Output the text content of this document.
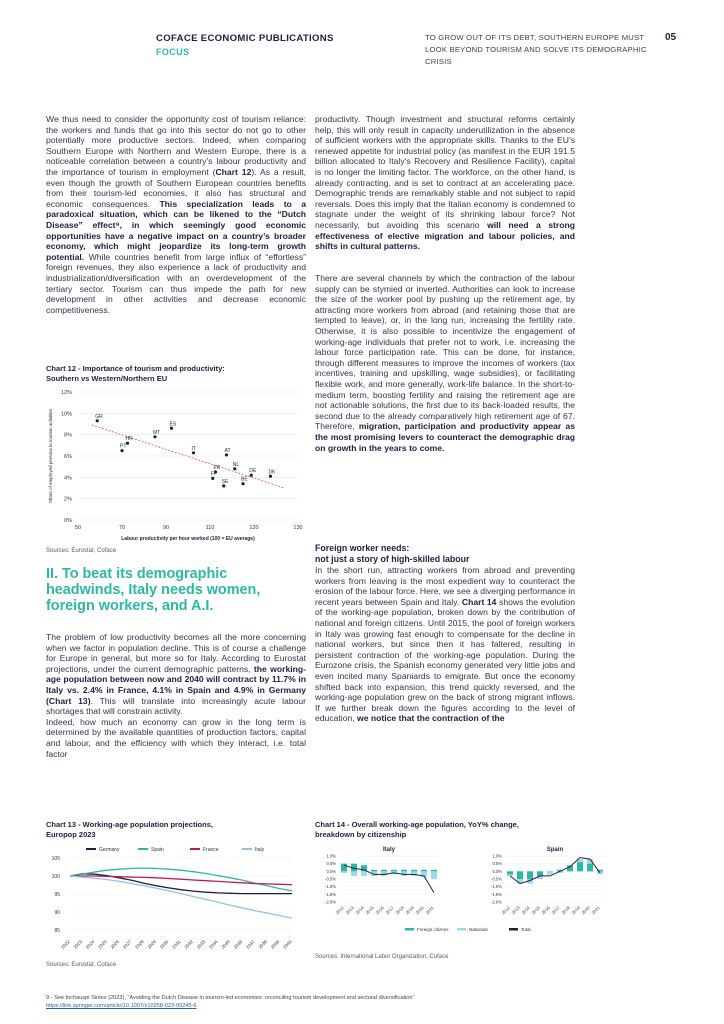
COFACE ECONOMIC PUBLICATIONS
FOCUS
TO GROW OUT OF ITS DEBT, SOUTHERN EUROPE MUST LOOK BEYOND TOURISM AND SOLVE ITS DEMOGRAPHIC CRISIS
05
We thus need to consider the opportunity cost of tourism reliance: the workers and funds that go into this sector do not go to other potentially more productive sectors. Indeed, when comparing Southern Europe with Northern and Western Europe, there is a noticeable correlation between a country’s labour productivity and the importance of tourism in employment (Chart 12). As a result, even though the growth of Southern European countries benefits from their tourism-led economies, it also has structural and economic consequences. This specialization leads to a paradoxical situation, which can be likened to the “Dutch Disease” effect⁹, in which seemingly good economic opportunities have a negative impact on a country’s broader economy, which might jeopardize its long-term growth potential. While countries benefit from large influx of “effortless” foreign revenues, they also experience a lack of productivity and industrialization/diversification with an overdevelopment of the tertiary sector. Tourism can thus impede the path for new development in other activities and decrease economic competitiveness.
Chart 12 - Importance of tourism and productivity:
Southern vs Western/Northern EU
0%
2%
4%
6%
8%
10%
12%
50	70	90	110	120	130
GR
ES
MT
HR
PT	IT	AT
NL
DE DK
FR
FI
SE	BE
Labour productivity per hour worked (100 = EU average)
Share of employed persons in tourism activities
Sources: Eurostat, Coface
II. To beat its demographic headwinds, Italy needs women, foreign workers, and A.I.
The problem of low productivity becomes all the more concerning when we factor in population decline. This is of course a challenge for Europe in general, but more so for Italy. According to Eurostat projections, under the current demographic patterns, the working-age population between now and 2040 will contract by 11.7% in Italy vs. 2.4% in France, 4.1% in Spain and 4.9% in Germany (Chart 13). This will translate into increasingly acute labour shortages that will constrain activity.
Indeed, how much an economy can grow in the long term is determined by the available quantities of production factors, capital and labour, and the efficiency with which they interact, i.e. total factor
productivity. Though investment and structural reforms certainly help, this will only result in capacity underutilization in the absence of sufficient workers with the appropriate skills. Thanks to the EU’s renewed appetite for industrial policy (as manifest in the EUR 191.5 billion allocated to Italy’s Recovery and Resilience Facility), capital is no longer the limiting factor. The workforce, on the other hand, is already contracting, and is set to contract at an accelerating pace. Demographic trends are remarkably stable and not subject to rapid reversals. Does this imply that the Italian economy is condemned to stagnate under the weight of its shrinking labour force? Not necessarily, but avoiding this scenario will need a strong effectiveness of elective migration and labour policies, and shifts in cultural patterns.
There are several channels by which the contraction of the labour supply can be stymied or inverted. Authorities can look to increase the size of the worker pool by pushing up the retirement age, by attracting more workers from abroad (and retaining those that are tempted to leave), or, in the long run, increasing the fertility rate. Otherwise, it is also possible to incentivize the engagement of working-age individuals that prefer not to work, i.e. increasing the labour force participation rate. This can be done, for instance, through different measures to improve the incomes of workers (tax incentives, training and upskilling, wage subsidies), or facilitating flexible work, and more generally, work-life balance. In the short-to-medium term, boosting fertility and raising the retirement age are not actionable solutions, the first due to its back-loaded results, the second due to the already comparatively high retirement age of 67. Therefore, migration, participation and productivity appear as the most promising levers to counteract the demographic drag on growth in the years to come.
Foreign worker needs:
not just a story of high-skilled labour
In the short run, attracting workers from abroad and preventing workers from leaving is the most expedient way to counteract the erosion of the labour force. Here, we see a diverging performance in recent years between Spain and Italy. Chart 14 shows the evolution of the working-age population, broken down by the contribution of national and foreign citizens. Until 2015, the pool of foreign workers in Italy was growing fast enough to compensate for the decline in national workers, but since then it has faltered, resulting in persistent contraction of the working-age population. During the Eurozone crisis, the Spanish economy generated very little jobs and even incited many Spaniards to emigrate. But once the economy shifted back into expansion, this trend quickly reversed, and the working-age population grew on the back of strong migrant inflows. If we further break down the figures according to the level of education, we notice that the contraction of the
Chart 13 - Working-age population projections,
Europop 2023
85
90
95
100
105
2022 2023 2024 2025 2026 2027 2028 2029 2030 2031 2032 2033 2034 2035 2036 2037 2038 2039 2040
Germany	Spain	France	Italy
Sources: Eurostat, Coface
Chart 14 - Overall working-age population, YoY% change,
breakdown by citizenship
Italy
1.0%
0.5%
0.0%
-0.5%
-1.0%
-1.5%
-2.0%
2012 2013 2014 2015 2016 2017 2018 2019 2020 2021
Spain
1.0%
0.5%
0.0%
-0.5%
-1.0%
-1.5%
-2.0%
2012 2013 2014 2015 2016 2017 2018 2019 2020 2021
Foreign citizens	Nationals	Total
Sources: International Labor Organization, Coface
9 - See Inchauspi Sintes (2023), “Avoiding the Dutch Disease in tourism-led economies: reconciling tourism development and sectoral diversification”
https://link.springer.com/article/10.1007/s10258-023-00245-6
